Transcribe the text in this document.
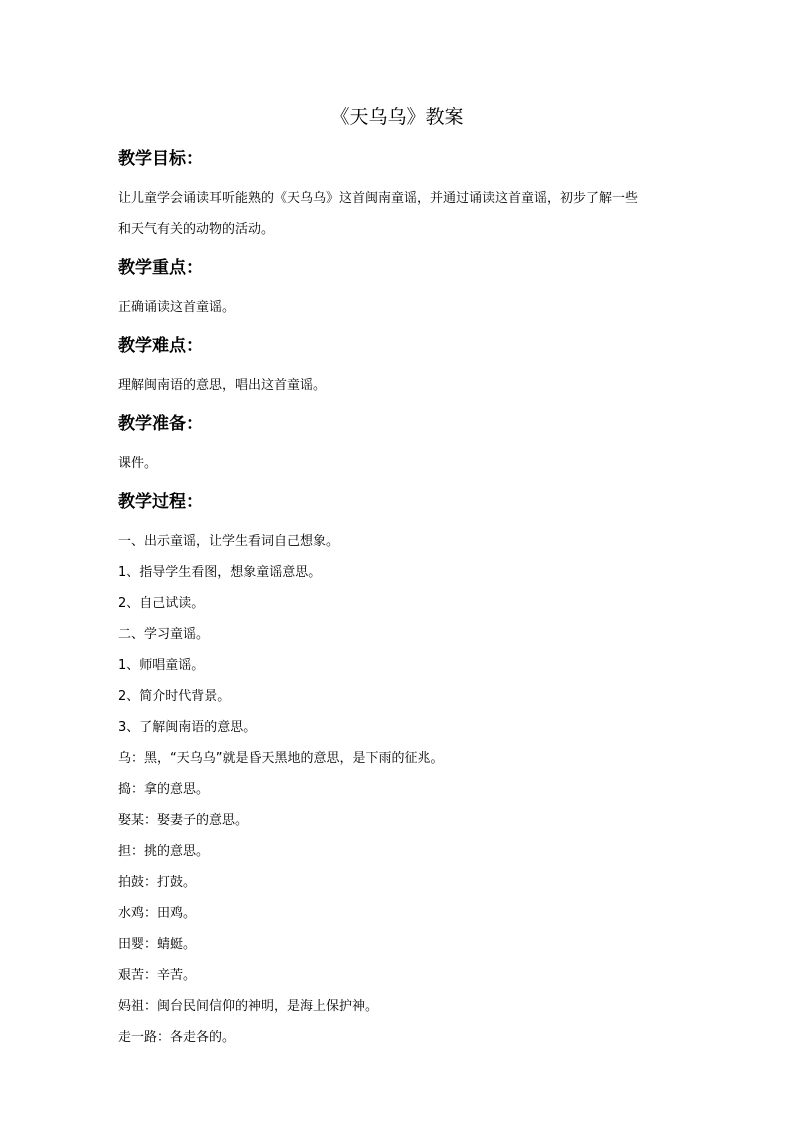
《天乌乌》教案
教学目标：
让儿童学会诵读耳听能熟的《天乌乌》这首闽南童谣，并通过诵读这首童谣，初步了解一些
和天气有关的动物的活动。
教学重点：
正确诵读这首童谣。
教学难点：
理解闽南语的意思，唱出这首童谣。
教学准备：
课件。
教学过程：
一、出示童谣，让学生看词自己想象。
1、指导学生看图，想象童谣意思。
2、自己试读。
二、学习童谣。
1、师唱童谣。
2、简介时代背景。
3、了解闽南语的意思。
乌：黑，“天乌乌”就是昏天黑地的意思，是下雨的征兆。
捣：拿的意思。
娶某：娶妻子的意思。
担：挑的意思。
拍鼓：打鼓。
水鸡：田鸡。
田婴：蜻蜓。
艰苦：辛苦。
妈祖：闽台民间信仰的神明，是海上保护神。
走一路：各走各的。
